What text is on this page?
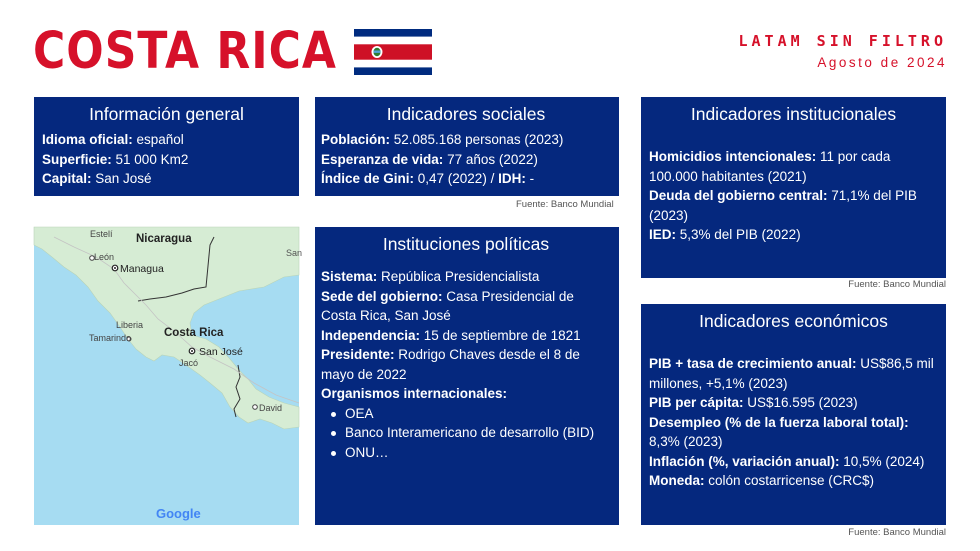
COSTA RICA	LATAM SIN FILTRO
Agosto de 2024
Información general

Idioma oficial: español

Superficie: 51 000 Km2

Capital: San José

Indicadores sociales

Población: 52.085.168 personas (2023)

Esperanza de vida: 77 años (2022)

Índice de Gini: 0,47 (2022) / IDH: -

Fuente: Banco Mundial
Indicadores institucionales

Homicidios intencionales: 11 por cada 100.000 habitantes (2021)

Deuda del gobierno central: 71,1% del PIB (2023)

IED: 5,3% del PIB (2022)

Fuente: Banco Mundial
Estelí Nicaragua
León
Managua
San
Liberia
Costa Rica
Tamarindo
San José
Jacó
David
Google
Instituciones políticas

Sistema: República Presidencialista

Sede del gobierno: Casa Presidencial de Costa Rica, San José

Independencia: 15 de septiembre de 1821

Presidente: Rodrigo Chaves desde el 8 de mayo de 2022

Organismos internacionales:

OEA
Banco Interamericano de desarrollo (BID)
ONU…
Indicadores económicos

PIB + tasa de crecimiento anual: US$86,5 mil millones, +5,1% (2023)

PIB per cápita: US$16.595 (2023)

Desempleo (% de la fuerza laboral total): 8,3% (2023)

Inflación (%, variación anual): 10,5% (2024)

Moneda: colón costarricense (CRC$)

Fuente: Banco Mundial
